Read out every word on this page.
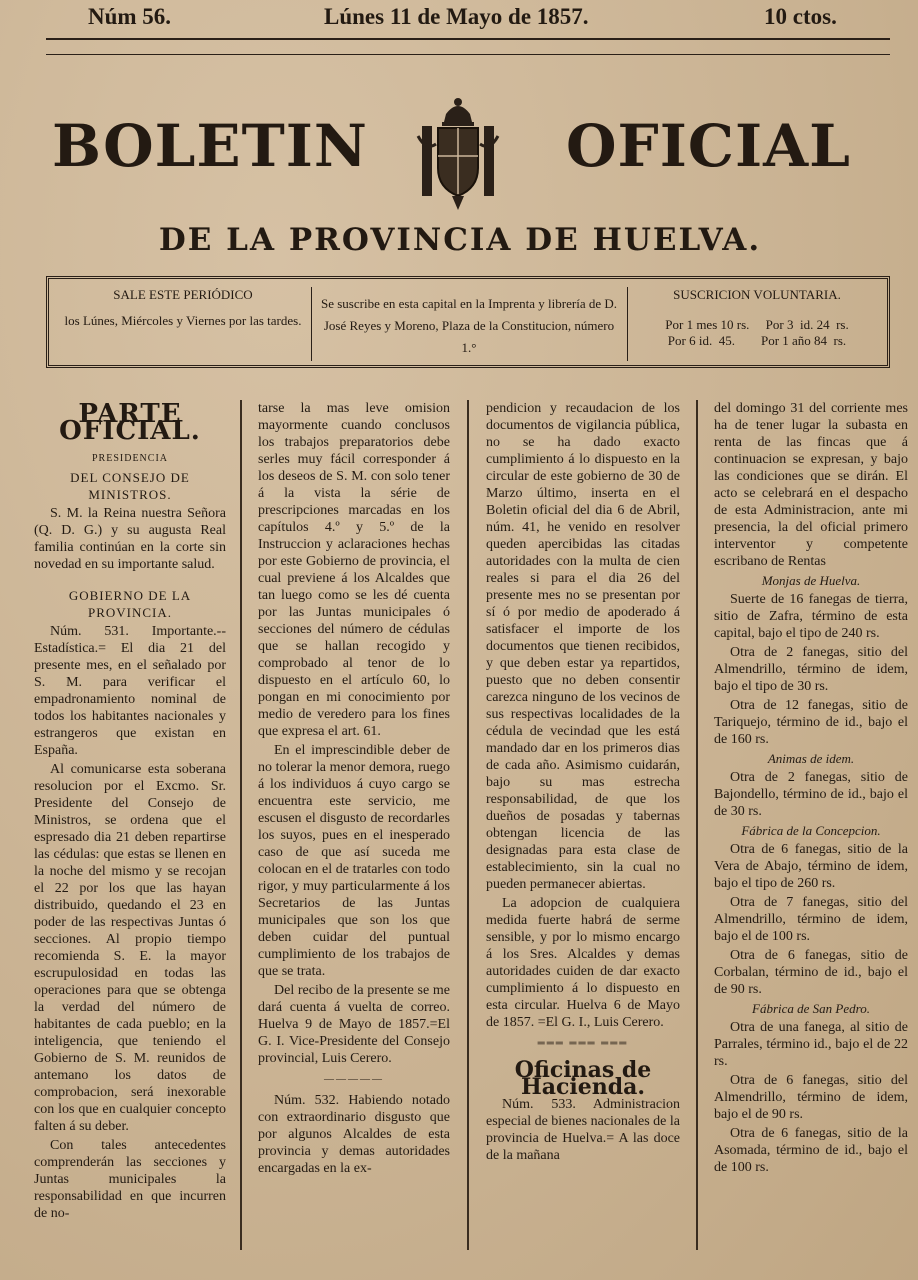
Núm 56.	Lúnes 11 de Mayo de 1857.	10 ctos.
BOLETIN	OFICIAL
DE LA PROVINCIA DE HUELVA.
SALE ESTE PERIÓDICO
los Lúnes, Miércoles y Viernes por las tardes.
Se suscribe en esta capital en la Imprenta y librería de D. José Reyes y Moreno, Plaza de la Constitucion, número 1.°
SUSCRICION VOLUNTARIA.
Por 1 mes 10 rs.     Por 3  id. 24  rs.
Por 6 id.  45.        Por 1 año 84  rs.

PARTE OFICIAL.

PRESIDENCIA

DEL CONSEJO DE MINISTROS.

S. M. la Reina nuestra Señora (Q. D. G.) y su augusta Real familia continúan en la corte sin novedad en su importante salud.

GOBIERNO DE LA PROVINCIA.

Núm. 531. Importante.-- Estadística.= El dia 21 del presente mes, en el señalado por S. M. para verificar el empadronamiento nominal de todos los habitantes nacionales y estrangeros que existan en España.

Al comunicarse esta soberana resolucion por el Excmo. Sr. Presidente del Consejo de Ministros, se ordena que el espresado dia 21 deben repartirse las cédulas: que estas se llenen en la noche del mismo y se recojan el 22 por los que las hayan distribuido, quedando el 23 en poder de las respectivas Juntas ó secciones. Al propio tiempo recomienda S. E. la mayor escrupulosidad en todas las operaciones para que se obtenga la verdad del número de habitantes de cada pueblo; en la inteligencia, que teniendo el Gobierno de S. M. reunidos de antemano los datos de comprobacion, será inexorable con los que en cualquier concepto falten á su deber.

Con tales antecedentes comprenderán las secciones y Juntas municipales la responsabilidad en que incurren de no-

tarse la mas leve omision mayormente cuando conclusos los trabajos preparatorios debe serles muy fácil corresponder á los deseos de S. M. con solo tener á la vista la série de prescripciones marcadas en los capítulos 4.º y 5.º de la Instruccion y aclaraciones hechas por este Gobierno de provincia, el cual previene á los Alcaldes que tan luego como se les dé cuenta por las Juntas municipales ó secciones del número de cédulas que se hallan recogido y comprobado al tenor de lo dispuesto en el artículo 60, lo pongan en mi conocimiento por medio de veredero para los fines que expresa el art. 61.

En el imprescindible deber de no tolerar la menor demora, ruego á los individuos á cuyo cargo se encuentra este servicio, me escusen el disgusto de recordarles los suyos, pues en el inesperado caso de que así suceda me colocan en el de tratarles con todo rigor, y muy particularmente á los Secretarios de las Juntas municipales que son los que deben cuidar del puntual cumplimiento de los trabajos de que se trata.

Del recibo de la presente se me dará cuenta á vuelta de correo. Huelva 9 de Mayo de 1857.=El G. I. Vice-Presidente del Consejo provincial, Luis Cerero.

—————

Núm. 532. Habiendo notado con extraordinario disgusto que por algunos Alcaldes de esta provincia y demas autoridades encargadas en la ex-

pendicion y recaudacion de los documentos de vigilancia pública, no se ha dado exacto cumplimiento á lo dispuesto en la circular de este gobierno de 30 de Marzo último, inserta en el Boletin oficial del dia 6 de Abril, núm. 41, he venido en resolver queden apercibidas las citadas autoridades con la multa de cien reales si para el dia 26 del presente mes no se presentan por sí ó por medio de apoderado á satisfacer el importe de los documentos que tienen recibidos, y que deben estar ya repartidos, puesto que no deben consentir carezca ninguno de los vecinos de sus respectivas localidades de la cédula de vecindad que les está mandado dar en los primeros dias de cada año. Asimismo cuidarán, bajo su mas estrecha responsabilidad, de que los dueños de posadas y tabernas obtengan licencia de las designadas para esta clase de establecimiento, sin la cual no pueden permanecer abiertas.

La adopcion de cualquiera medida fuerte habrá de serme sensible, y por lo mismo encargo á los Sres. Alcaldes y demas autoridades cuiden de dar exacto cumplimiento á lo dispuesto en esta circular. Huelva 6 de Mayo de 1857. =El G. I., Luis Cerero.

═══ ═══ ═══

Oficinas de Hacienda.

Núm. 533. Administracion especial de bienes nacionales de la provincia de Huelva.= A las doce de la mañana

del domingo 31 del corriente mes ha de tener lugar la subasta en renta de las fincas que á continuacion se expresan, y bajo las condiciones que se dirán. El acto se celebrará en el despacho de esta Administracion, ante mi presencia, la del oficial primero interventor y competente escribano de Rentas

Monjas de Huelva.

Suerte de 16 fanegas de tierra, sitio de Zafra, término de esta capital, bajo el tipo de 240 rs.

Otra de 2 fanegas, sitio del Almendrillo, término de idem, bajo el tipo de 30 rs.

Otra de 12 fanegas, sitio de Tariquejo, término de id., bajo el de 160 rs.

Animas de idem.

Otra de 2 fanegas, sitio de Bajondello, término de id., bajo el de 30 rs.

Fábrica de la Concepcion.

Otra de 6 fanegas, sitio de la Vera de Abajo, término de idem, bajo el tipo de 260 rs.

Otra de 7 fanegas, sitio del Almendrillo, término de idem, bajo el de 100 rs.

Otra de 6 fanegas, sitio de Corbalan, término de id., bajo el de 90 rs.

Fábrica de San Pedro.

Otra de una fanega, al sitio de Parrales, término id., bajo el de 22 rs.

Otra de 6 fanegas, sitio del Almendrillo, término de idem, bajo el de 90 rs.

Otra de 6 fanegas, sitio de la Asomada, término de id., bajo el de 100 rs.
